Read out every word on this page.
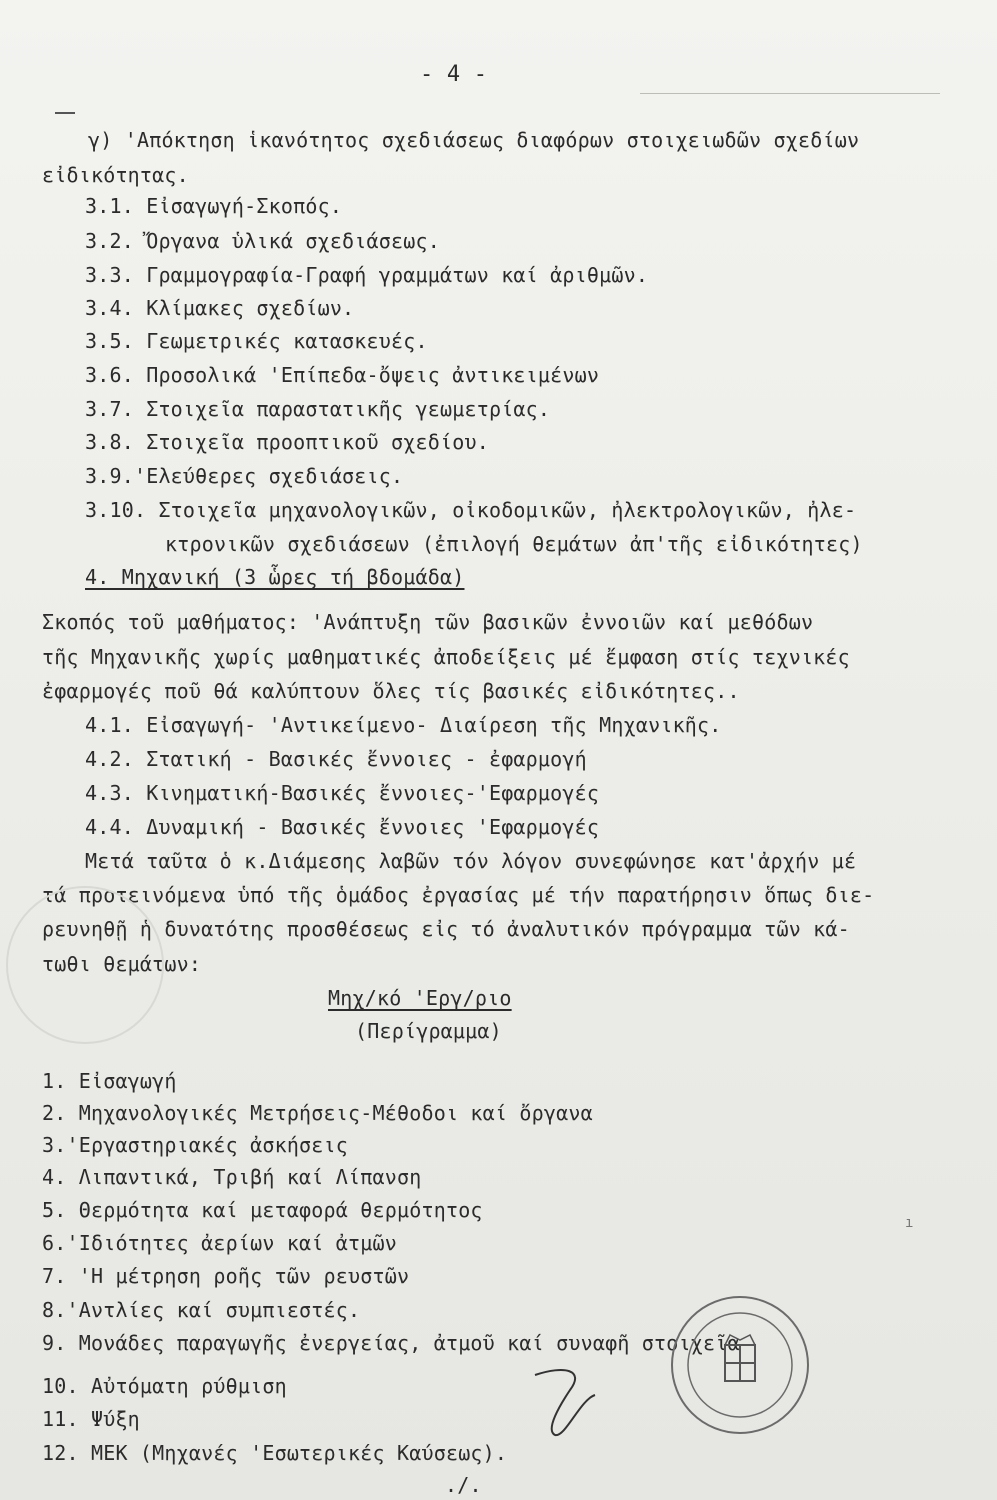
- 4 -
γ) 'Απόκτηση ἱκανότητος σχεδιάσεως διαφόρων στοιχειωδῶν σχεδίων
εἰδικότητας.
3.1. Εἰσαγωγή-Σκοπός.
3.2. Ὄργανα ὑλικά σχεδιάσεως.
3.3. Γραμμογραφία-Γραφή γραμμάτων καί ἀριθμῶν.
3.4. Κλίμακες σχεδίων.
3.5. Γεωμετρικές κατασκευές.
3.6. Προσολικά 'Επίπεδα-ὄψεις ἀντικειμένων
3.7. Στοιχεῖα παραστατικῆς γεωμετρίας.
3.8. Στοιχεῖα προοπτικοῦ σχεδίου.
3.9.'Ελεύθερες σχεδιάσεις.
3.10. Στοιχεῖα μηχανολογικῶν, οἰκοδομικῶν, ἠλεκτρολογικῶν, ἠλε-
κτρονικῶν σχεδιάσεων (ἐπιλογή θεμάτων ἀπ'τῆς εἰδικότητες)
4. Μηχανική (3 ὧρες τή βδομάδα)
Σκοπός τοῦ μαθήματος: 'Ανάπτυξη τῶν βασικῶν ἐννοιῶν καί μεθόδων
τῆς Μηχανικῆς χωρίς μαθηματικές ἀποδείξεις μέ ἔμφαση στίς τεχνικές
ἐφαρμογές ποῦ θά καλύπτουν ὅλες τίς βασικές εἰδικότητες..
4.1. Εἰσαγωγή- 'Αντικείμενο- Διαίρεση τῆς Μηχανικῆς.
4.2. Στατική - Βασικές ἔννοιες - ἐφαρμογή
4.3. Κινηματική-Βασικές ἔννοιες-'Εφαρμογές
4.4. Δυναμική - Βασικές ἔννοιες 'Εφαρμογές
Μετά ταῦτα ὁ κ.Διάμεσης λαβῶν τόν λόγον συνεφώνησε κατ'ἀρχήν μέ
τά προτεινόμενα ὑπό τῆς ὁμάδος ἐργασίας μέ τήν παρατήρησιν ὅπως διε-
ρευνηθῇ ἡ δυνατότης προσθέσεως εἰς τό ἀναλυτικόν πρόγραμμα τῶν κά-
τωθι θεμάτων:
Μηχ/κό 'Εργ/ριο
(Περίγραμμα)
1. Εἰσαγωγή
2. Μηχανολογικές Μετρήσεις-Μέθοδοι καί ὄργανα
3.'Εργαστηριακές ἀσκήσεις
4. Λιπαντικά, Τριβή καί Λίπανση
5. Θερμότητα καί μεταφορά θερμότητος
6.'Ιδιότητες ἀερίων καί ἀτμῶν
7. 'Η μέτρηση ροῆς τῶν ρευστῶν
8.'Αντλίες καί συμπιεστές.
9. Μονάδες παραγωγῆς ἐνεργείας, ἀτμοῦ καί συναφῆ στοιχεῖα
10. Αὐτόματη ρύθμιση
11. Ψύξη
12. ΜΕΚ (Μηχανές 'Εσωτερικές Καύσεως).
./.
ı
